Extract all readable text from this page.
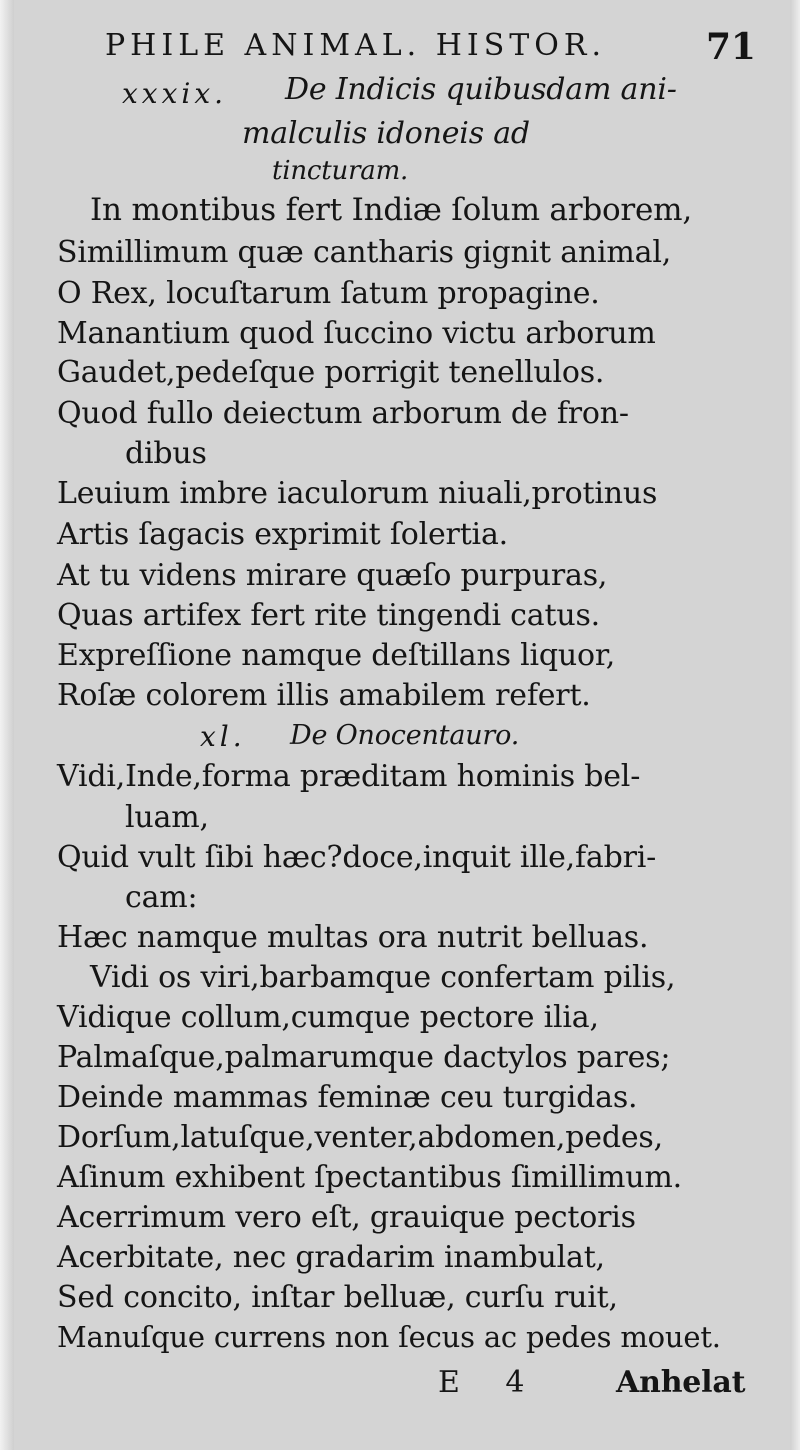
PHILE ANIMAL. HISTOR.	71
xxxix. De Indicis quibusdam ani-
malculis idoneis ad
tincturam.
In montibus fert Indiæ ſolum arborem,
Simillimum quæ cantharis gignit animal,
O Rex, locuſtarum ſatum propagine.
Manantium quod ſuccino victu arborum
Gaudet,pedeſque porrigit tenellulos.
Quod fullo deiectum arborum de fron-
dibus
Leuium imbre iaculorum niuali,protinus
Artis ſagacis exprimit ſolertia.
At tu videns mirare quæſo purpuras,
Quas artifex fert rite tingendi catus.
Expreſſione namque deſtillans liquor,
Roſæ colorem illis amabilem refert.
xl. De Onocentauro.
Vidi,Inde,forma præditam hominis bel-
luam,
Quid vult ſibi hæc?doce,inquit ille,fabri-
cam:
Hæc namque multas ora nutrit belluas.
Vidi os viri,barbamque confertam pilis,
Vidique collum,cumque pectore ilia,
Palmaſque,palmarumque dactylos pares;
Deinde mammas feminæ ceu turgidas.
Dorſum,latuſque,venter,abdomen,pedes,
Aſinum exhibent ſpectantibus ſimillimum.
Acerrimum vero eſt, grauique pectoris
Acerbitate, nec gradarim inambulat,
Sed concito, inſtar belluæ, curſu ruit,
Manuſque currens non ſecus ac pedes mouet.
E 4 Anhelat
